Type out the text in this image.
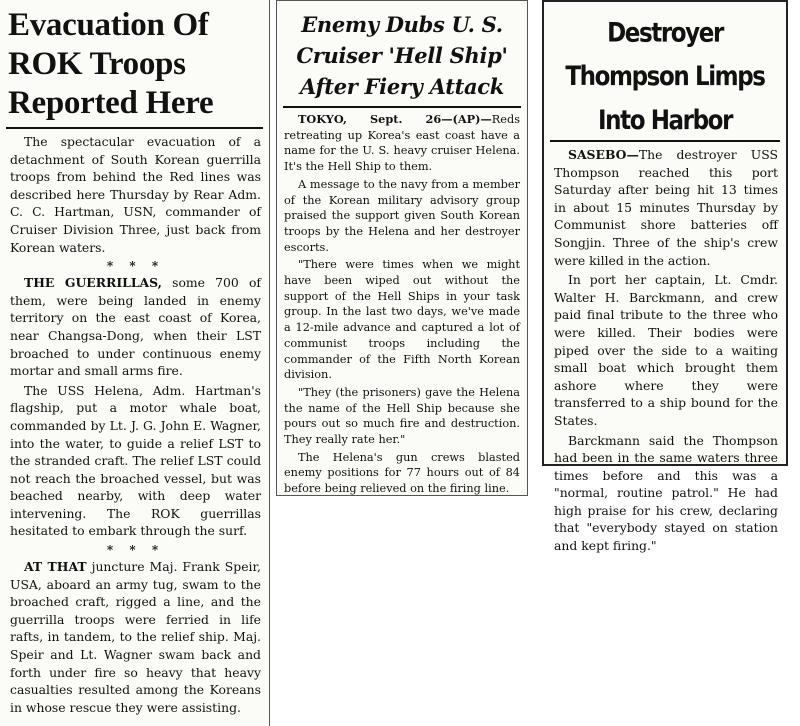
Evacuation Of ROK Troops Reported Here

The spectacular evacuation of a detachment of South Korean guerrilla troops from behind the Red lines was described here Thursday by Rear Adm. C. C. Hartman, USN, commander of Cruiser Division Three, just back from Korean waters.

* * *

THE GUERRILLAS, some 700 of them, were being landed in enemy territory on the east coast of Korea, near Changsa-Dong, when their LST broached to under continuous enemy mortar and small arms fire.

The USS Helena, Adm. Hartman's flagship, put a motor whale boat, commanded by Lt. J. G. John E. Wagner, into the water, to guide a relief LST to the stranded craft. The relief LST could not reach the broached vessel, but was beached nearby, with deep water intervening. The ROK guerrillas hesitated to embark through the surf.

* * *

AT THAT juncture Maj. Frank Speir, USA, aboard an army tug, swam to the broached craft, rigged a line, and the guerrilla troops were ferried in life rafts, in tandem, to the relief ship. Maj. Speir and Lt. Wagner swam back and forth under fire so heavy that heavy casualties resulted among the Koreans in whose rescue they were assisting.

Enemy Dubs U. S. Cruiser 'Hell Ship' After Fiery Attack

TOKYO, Sept. 26—(AP)—Reds retreating up Korea's east coast have a name for the U. S. heavy cruiser Helena. It's the Hell Ship to them.

A message to the navy from a member of the Korean military advisory group praised the support given South Korean troops by the Helena and her destroyer escorts.

"There were times when we might have been wiped out without the support of the Hell Ships in your task group. In the last two days, we've made a 12-mile advance and captured a lot of communist troops including the commander of the Fifth North Korean division.

"They (the prisoners) gave the Helena the name of the Hell Ship because she pours out so much fire and destruction. They really rate her."

The Helena's gun crews blasted enemy positions for 77 hours out of 84 before being relieved on the firing line.

Destroyer Thompson Limps Into Harbor

SASEBO—The destroyer USS Thompson reached this port Saturday after being hit 13 times in about 15 minutes Thursday by Communist shore batteries off Songjin. Three of the ship's crew were killed in the action.

In port her captain, Lt. Cmdr. Walter H. Barckmann, and crew paid final tribute to the three who were killed. Their bodies were piped over the side to a waiting small boat which brought them ashore where they were transferred to a ship bound for the States.

Barckmann said the Thompson had been in the same waters three times before and this was a "normal, routine patrol." He had high praise for his crew, declaring that "everybody stayed on station and kept firing."
